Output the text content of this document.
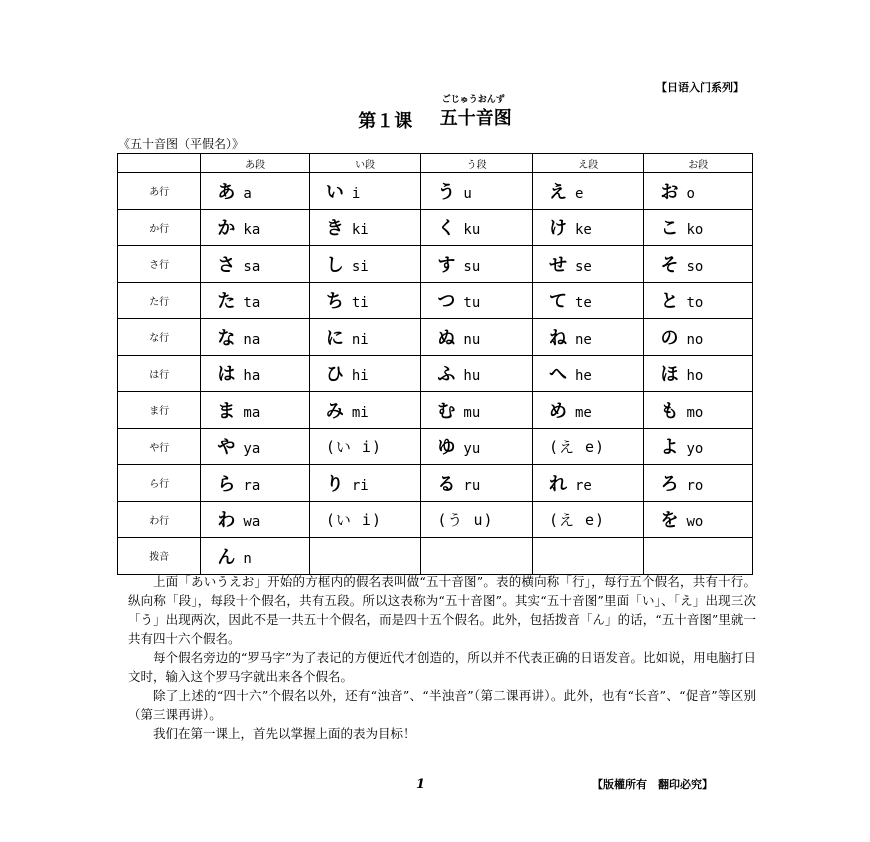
【日语入门系列】
第１课
ごじゅうおんず
五十音图
《五十音图（平假名）》
	あ段	い段	う段	え段	お段
あ行	あ a	い i	う u	え e	お o
か行	か ka	き ki	く ku	け ke	こ ko
さ行	さ sa	し si	す su	せ se	そ so
た行	た ta	ち ti	つ tu	て te	と to
な行	な na	に ni	ぬ nu	ね ne	の no
は行	は ha	ひ hi	ふ hu	へ he	ほ ho
ま行	ま ma	み mi	む mu	め me	も mo
や行	や ya	(い i)	ゆ yu	(え e)	よ yo
ら行	ら ra	り ri	る ru	れ re	ろ ro
わ行	わ wa	(い i)	(う u)	(え e)	を wo
拨音	ん n				

上面「あいうえお」开始的方框内的假名表叫做“五十音图”。表的横向称「行」，每行五个假名，共有十行。纵向称「段」，每段十个假名，共有五段。所以这表称为“五十音图”。其实“五十音图”里面「い」、「え」出现三次「う」出现两次，因此不是一共五十个假名，而是四十五个假名。此外，包括拨音「ん」的话，“五十音图”里就一共有四十六个假名。

每个假名旁边的“罗马字”为了表记的方便近代才创造的，所以并不代表正确的日语发音。比如说，用电脑打日文时，输入这个罗马字就出来各个假名。

除了上述的“四十六”个假名以外，还有“浊音”、“半浊音”（第二课再讲）。此外，也有“长音”、“促音”等区别（第三课再讲）。

我们在第一课上，首先以掌握上面的表为目标！

1	【版權所有　翻印必究】
